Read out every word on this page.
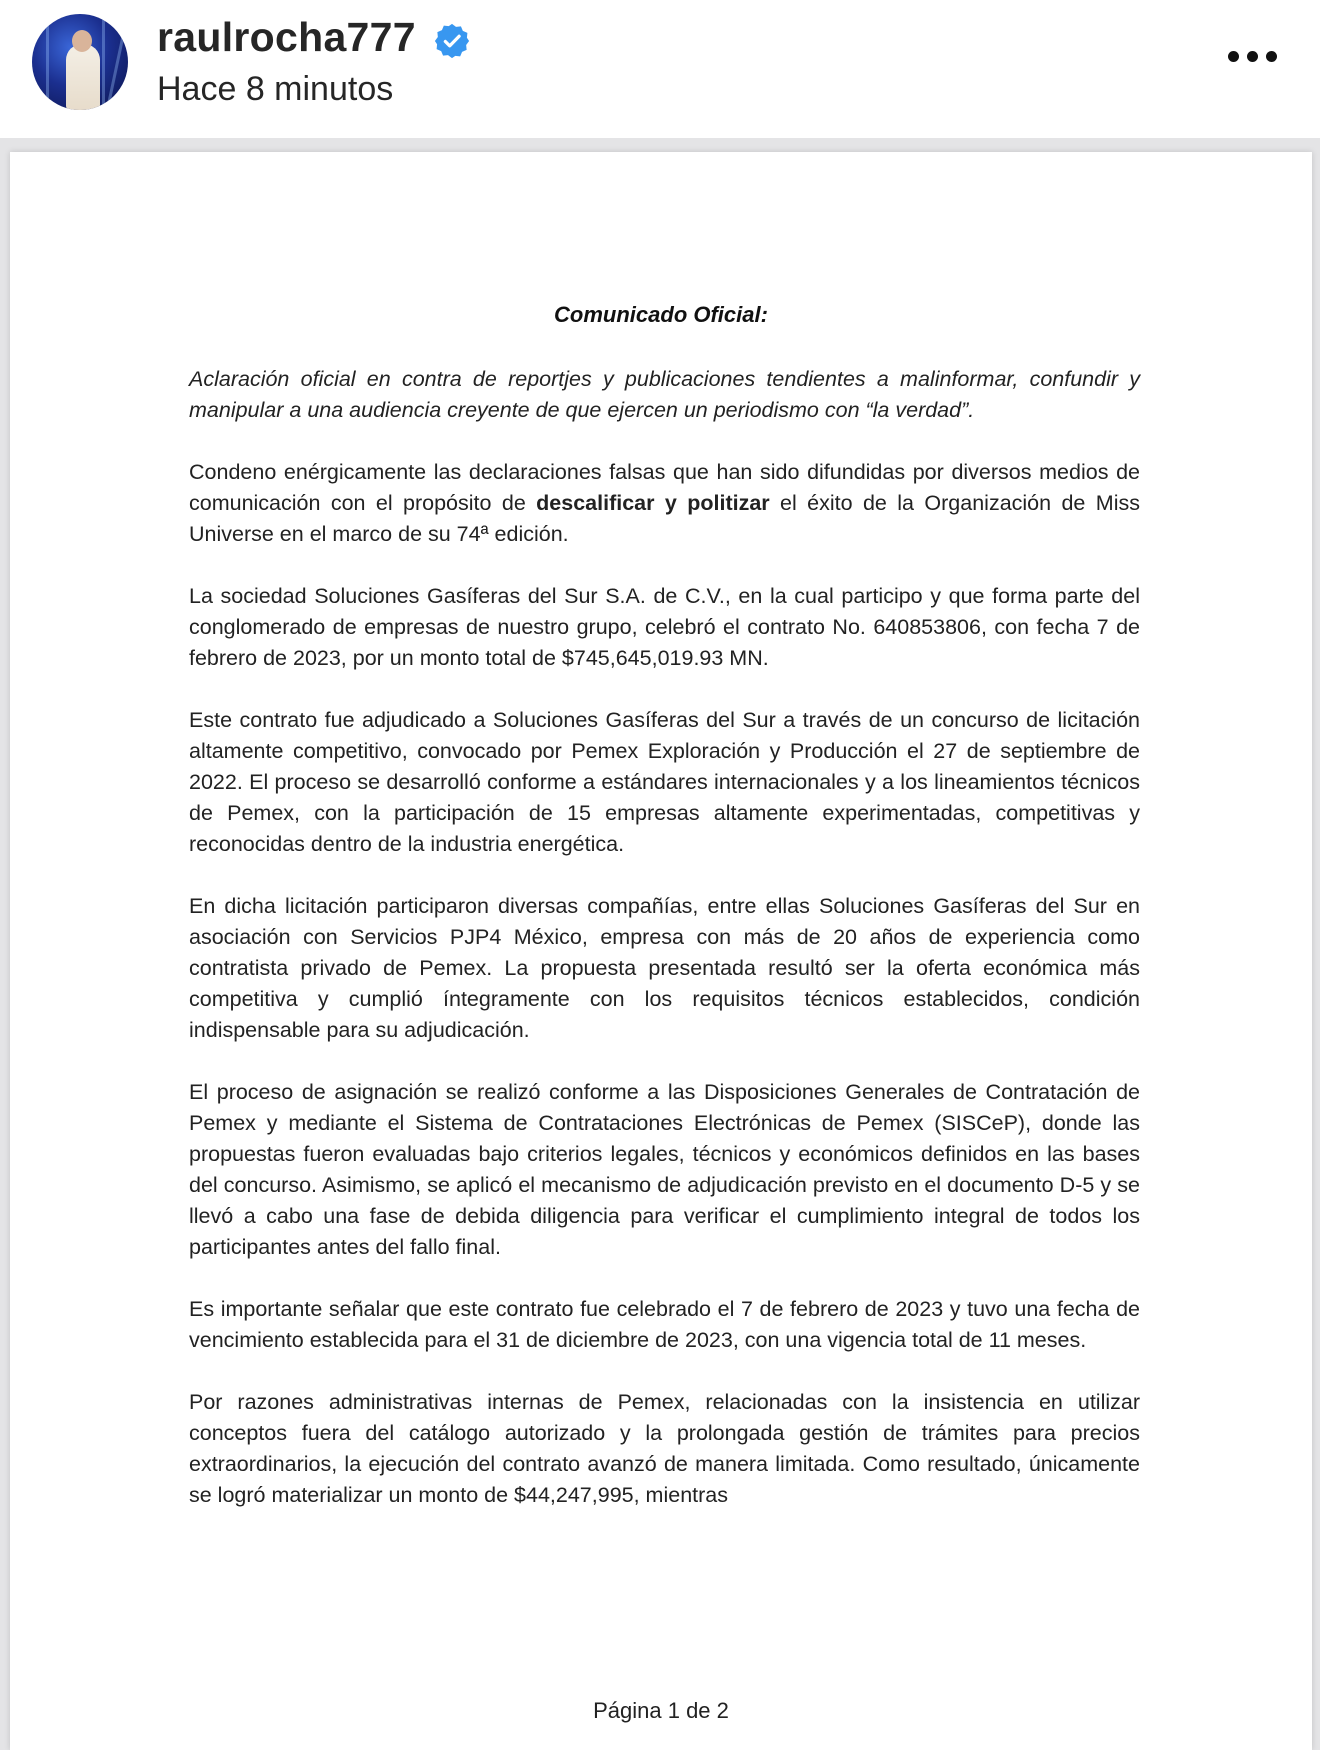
raulrocha777
Hace 8 minutos
Comunicado Oficial:

Aclaración oficial en contra de reportjes y publicaciones tendientes a malinformar, confundir y manipular a una audiencia creyente de que ejercen un periodismo con “la verdad”.

Condeno enérgicamente las declaraciones falsas que han sido difundidas por diversos medios de comunicación con el propósito de descalificar y politizar el éxito de la Organización de Miss Universe en el marco de su 74ª edición.

La sociedad Soluciones Gasíferas del Sur S.A. de C.V., en la cual participo y que forma parte del conglomerado de empresas de nuestro grupo, celebró el contrato No. 640853806, con fecha 7 de febrero de 2023, por un monto total de $745,645,019.93 MN.

Este contrato fue adjudicado a Soluciones Gasíferas del Sur a través de un concurso de licitación altamente competitivo, convocado por Pemex Exploración y Producción el 27 de septiembre de 2022. El proceso se desarrolló conforme a estándares internacionales y a los lineamientos técnicos de Pemex, con la participación de 15 empresas altamente experimentadas, competitivas y reconocidas dentro de la industria energética.

En dicha licitación participaron diversas compañías, entre ellas Soluciones Gasíferas del Sur en asociación con Servicios PJP4 México, empresa con más de 20 años de experiencia como contratista privado de Pemex. La propuesta presentada resultó ser la oferta económica más competitiva y cumplió íntegramente con los requisitos técnicos establecidos, condición indispensable para su adjudicación.

El proceso de asignación se realizó conforme a las Disposiciones Generales de Contratación de Pemex y mediante el Sistema de Contrataciones Electrónicas de Pemex (SISCeP), donde las propuestas fueron evaluadas bajo criterios legales, técnicos y económicos definidos en las bases del concurso. Asimismo, se aplicó el mecanismo de adjudicación previsto en el documento D-5 y se llevó a cabo una fase de debida diligencia para verificar el cumplimiento integral de todos los participantes antes del fallo final.

Es importante señalar que este contrato fue celebrado el 7 de febrero de 2023 y tuvo una fecha de vencimiento establecida para el 31 de diciembre de 2023, con una vigencia total de 11 meses.

Por razones administrativas internas de Pemex, relacionadas con la insistencia en utilizar conceptos fuera del catálogo autorizado y la prolongada gestión de trámites para precios extraordinarios, la ejecución del contrato avanzó de manera limitada. Como resultado, únicamente se logró materializar un monto de $44,247,995, mientras

Página 1 de 2
